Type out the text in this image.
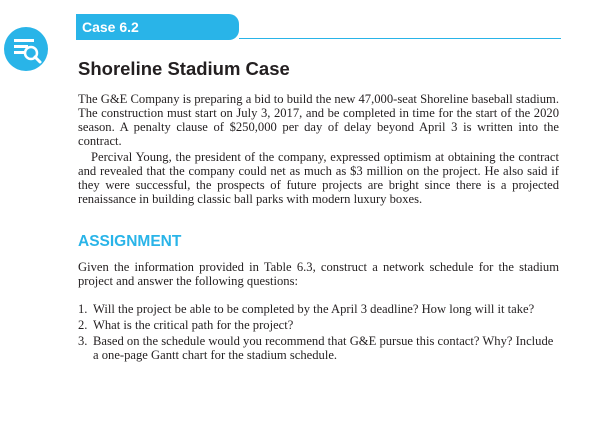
Case 6.2
Shoreline Stadium Case

The G&E Company is preparing a bid to build the new 47,000-seat Shoreline baseball stadium. The construction must start on July 3, 2017, and be completed in time for the start of the 2020 season. A penalty clause of $250,000 per day of delay beyond April 3 is written into the contract.

Percival Young, the president of the company, expressed optimism at obtaining the contract and revealed that the company could net as much as $3 million on the project. He also said if they were successful, the prospects of future projects are bright since there is a projected renaissance in building classic ball parks with modern luxury boxes.

ASSIGNMENT

Given the information provided in Table 6.3, construct a network schedule for the stadium project and answer the following questions:

1. Will the project be able to be completed by the April 3 deadline? How long will it take?
2. What is the critical path for the project?
3. Based on the schedule would you recommend that G&E pursue this contact? Why? Include a one-page Gantt chart for the stadium schedule.
